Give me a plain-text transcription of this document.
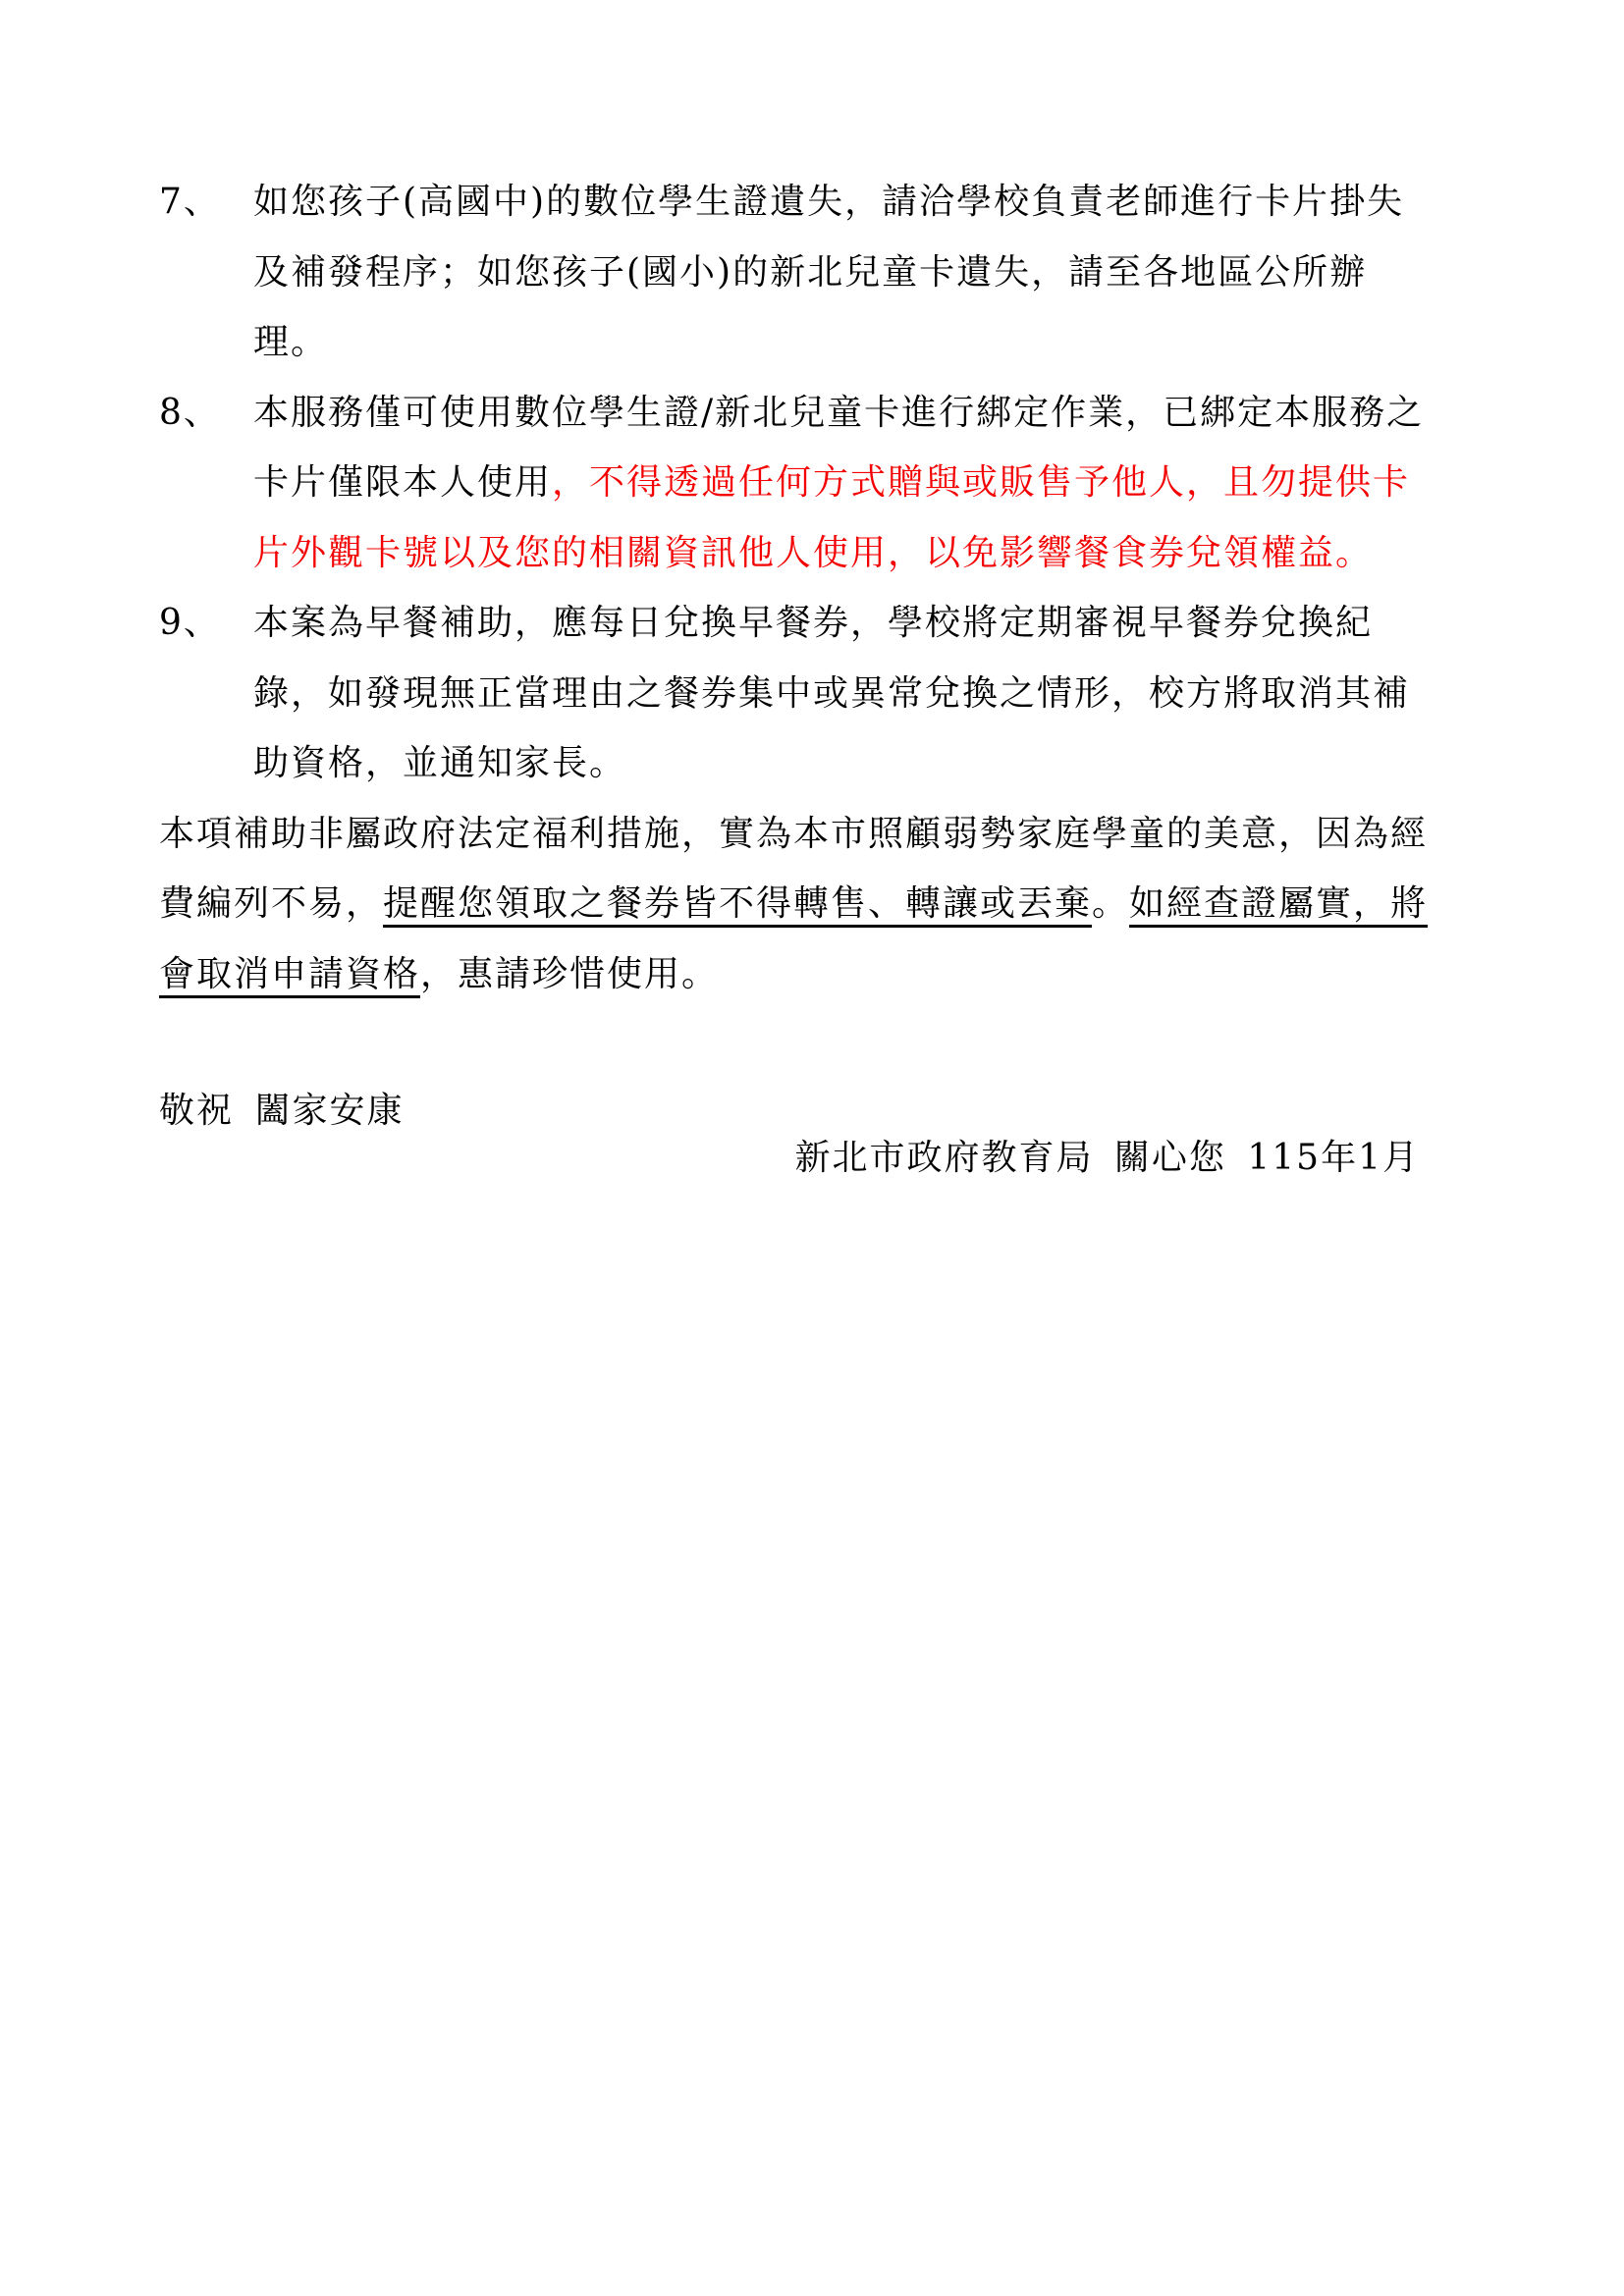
7、 如您孩子(高國中)的數位學生證遺失，請洽學校負責老師進行卡片掛失
及補發程序；如您孩子(國小)的新北兒童卡遺失，請至各地區公所辦
理。
8、 本服務僅可使用數位學生證/新北兒童卡進行綁定作業，已綁定本服務之
卡片僅限本人使用，不得透過任何方式贈與或販售予他人，且勿提供卡
片外觀卡號以及您的相關資訊他人使用，以免影響餐食券兌領權益。
9、 本案為早餐補助，應每日兌換早餐券，學校將定期審視早餐券兌換紀
錄，如發現無正當理由之餐券集中或異常兌換之情形，校方將取消其補
助資格，並通知家長。
本項補助非屬政府法定福利措施，實為本市照顧弱勢家庭學童的美意，因為經
費編列不易，提醒您領取之餐券皆不得轉售、轉讓或丟棄。如經查證屬實，將
會取消申請資格，惠請珍惜使用。
敬祝 闔家安康
新北市政府教育局 關心您 115年1月
